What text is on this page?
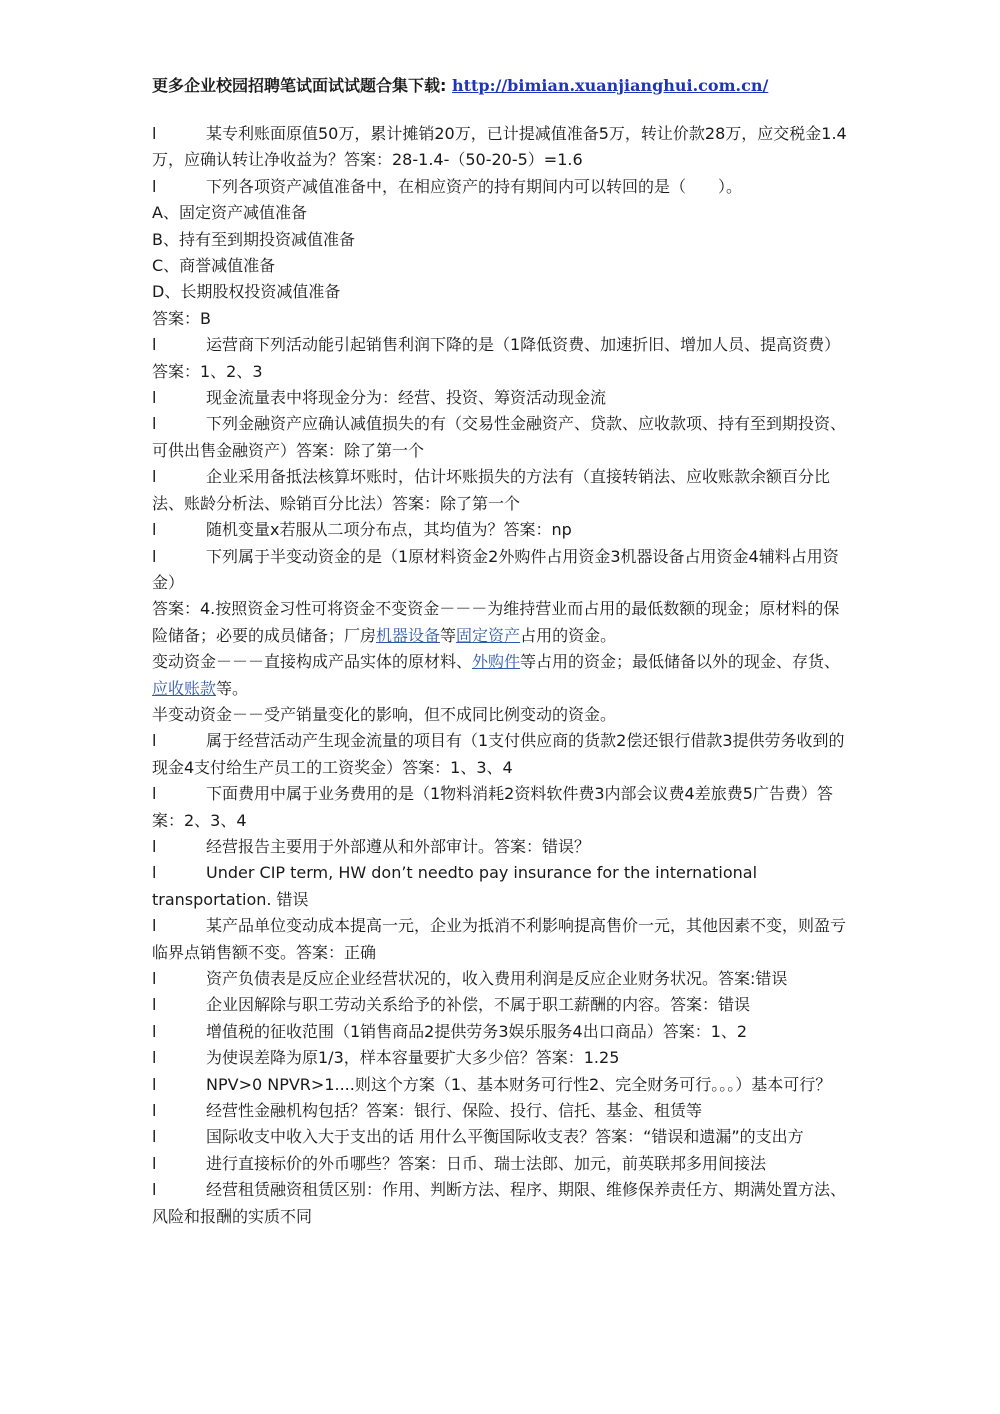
更多企业校园招聘笔试面试试题合集下载: http://bimian.xuanjianghui.com.cn/

l	某专利账面原值50万，累计摊销20万，已计提减值准备5万，转让价款28万，应交税金1.4万，应确认转让净收益为？答案：28-1.4-（50-20-5）=1.6

l	下列各项资产减值准备中，在相应资产的持有期间内可以转回的是（　　）。

A、固定资产减值准备

B、持有至到期投资减值准备

C、商誉减值准备

D、长期股权投资减值准备

答案：B

l	运营商下列活动能引起销售利润下降的是（1降低资费、加速折旧、增加人员、提高资费）答案：1、2、3

l	现金流量表中将现金分为：经营、投资、筹资活动现金流

l	下列金融资产应确认减值损失的有（交易性金融资产、贷款、应收款项、持有至到期投资、可供出售金融资产）答案：除了第一个

l	企业采用备抵法核算坏账时，估计坏账损失的方法有（直接转销法、应收账款余额百分比法、账龄分析法、赊销百分比法）答案：除了第一个

l	随机变量x若服从二项分布点，其均值为？答案：np

l	下列属于半变动资金的是（1原材料资金2外购件占用资金3机器设备占用资金4辅料占用资金）

答案：4.按照资金习性可将资金不变资金－－－为维持营业而占用的最低数额的现金；原材料的保险储备；必要的成员储备；厂房机器设备等固定资产占用的资金。

变动资金－－－直接构成产品实体的原材料、外购件等占用的资金；最低储备以外的现金、存货、应收账款等。

半变动资金－－受产销量变化的影响，但不成同比例变动的资金。

l	属于经营活动产生现金流量的项目有（1支付供应商的货款2偿还银行借款3提供劳务收到的现金4支付给生产员工的工资奖金）答案：1、3、4

l	下面费用中属于业务费用的是（1物料消耗2资料软件费3内部会议费4差旅费5广告费）答案：2、3、4

l	经营报告主要用于外部遵从和外部审计。答案：错误？

l	Under CIP term, HW don’t needto pay insurance for the international transportation. 错误

l	某产品单位变动成本提高一元，企业为抵消不利影响提高售价一元，其他因素不变，则盈亏临界点销售额不变。答案：正确

l	资产负债表是反应企业经营状况的，收入费用利润是反应企业财务状况。答案:错误

l	企业因解除与职工劳动关系给予的补偿，不属于职工薪酬的内容。答案：错误

l	增值税的征收范围（1销售商品2提供劳务3娱乐服务4出口商品）答案：1、2

l	为使误差降为原1/3，样本容量要扩大多少倍？答案：1.25

l	NPV>0 NPVR>1....则这个方案（1、基本财务可行性2、完全财务可行。。。）基本可行？

l	经营性金融机构包括？答案：银行、保险、投行、信托、基金、租赁等

l	国际收支中收入大于支出的话 用什么平衡国际收支表？答案：“错误和遗漏”的支出方

l	进行直接标价的外币哪些？答案：日币、瑞士法郎、加元，前英联邦多用间接法

l	经营租赁融资租赁区别：作用、判断方法、程序、期限、维修保养责任方、期满处置方法、风险和报酬的实质不同
